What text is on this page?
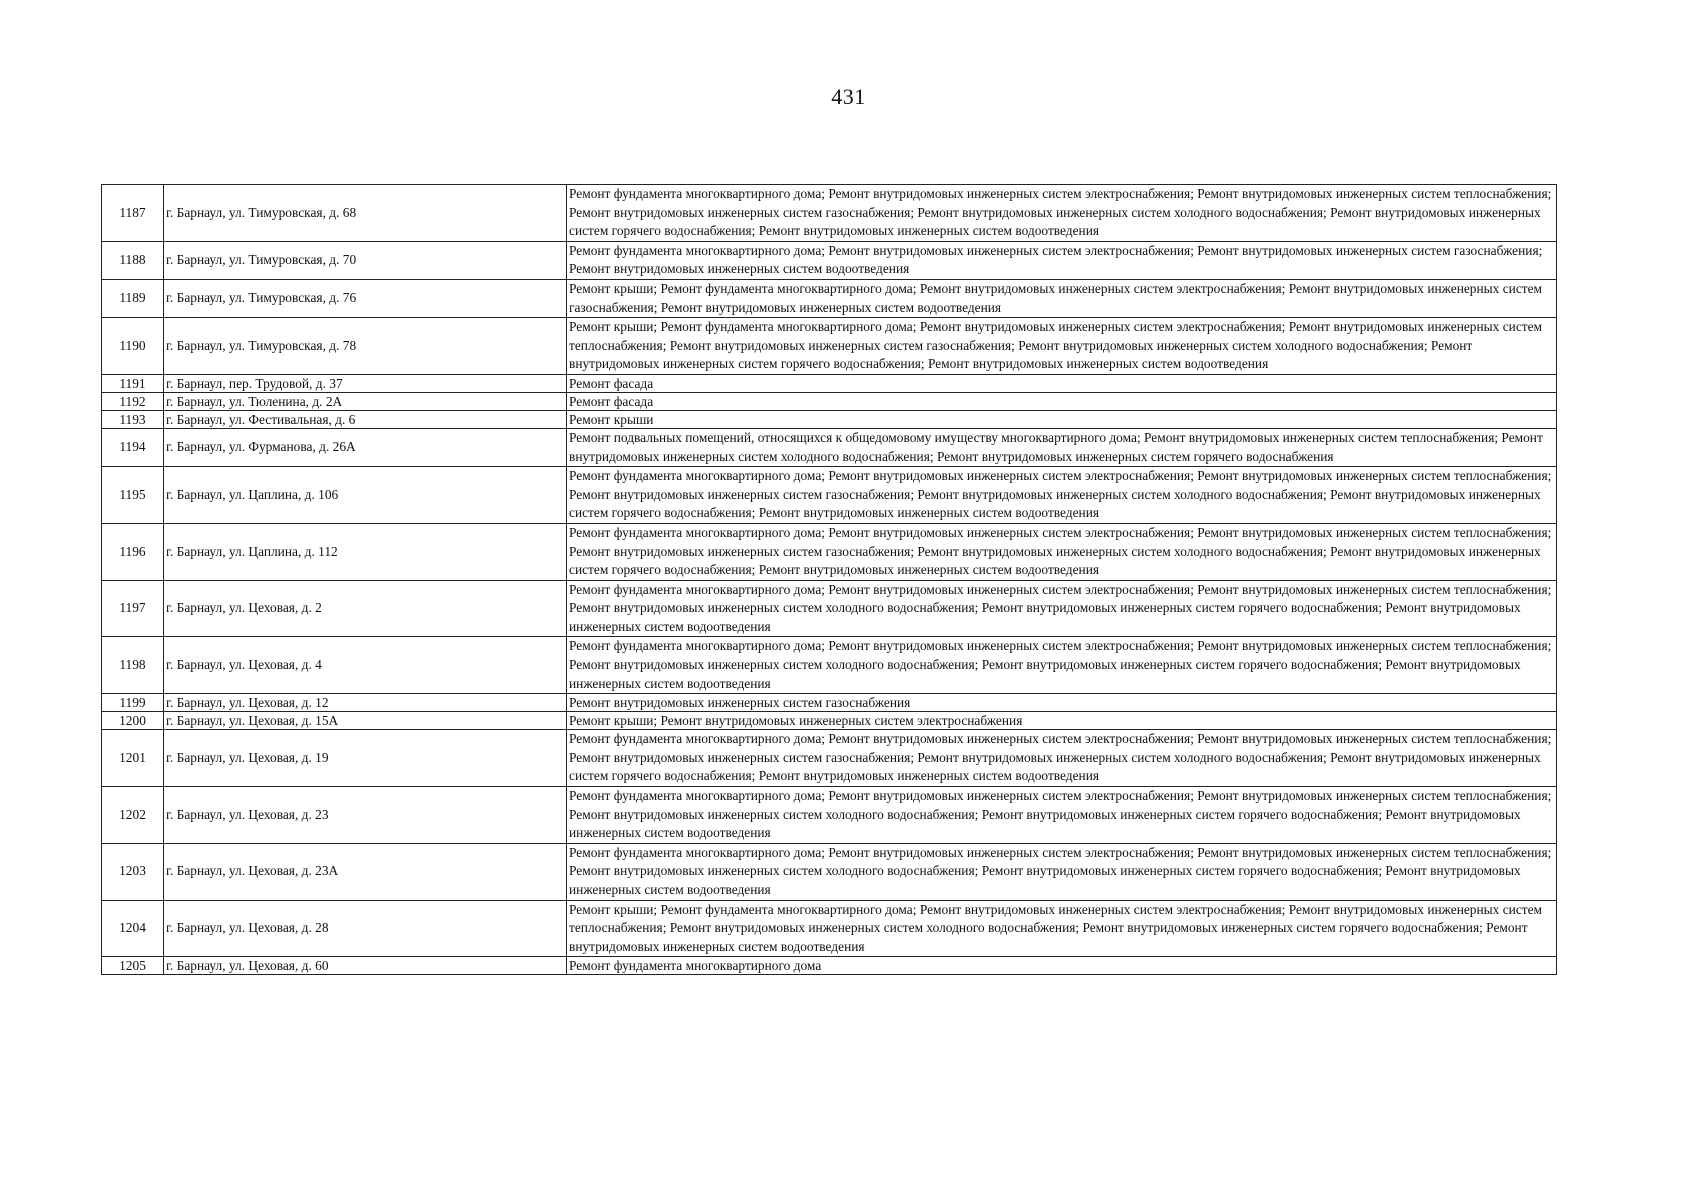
431
1187	г. Барнаул, ул. Тимуровская, д. 68	Ремонт фундамента многоквартирного дома; Ремонт внутридомовых инженерных систем электроснабжения; Ремонт внутридомовых инженерных систем теплоснабжения; Ремонт внутридомовых инженерных систем газоснабжения; Ремонт внутридомовых инженерных систем холодного водоснабжения; Ремонт внутридомовых инженерных систем горячего водоснабжения; Ремонт внутридомовых инженерных систем водоотведения
1188	г. Барнаул, ул. Тимуровская, д. 70	Ремонт фундамента многоквартирного дома; Ремонт внутридомовых инженерных систем электроснабжения; Ремонт внутридомовых инженерных систем газоснабжения; Ремонт внутридомовых инженерных систем водоотведения
1189	г. Барнаул, ул. Тимуровская, д. 76	Ремонт крыши; Ремонт фундамента многоквартирного дома; Ремонт внутридомовых инженерных систем электроснабжения; Ремонт внутридомовых инженерных систем газоснабжения; Ремонт внутридомовых инженерных систем водоотведения
1190	г. Барнаул, ул. Тимуровская, д. 78	Ремонт крыши; Ремонт фундамента многоквартирного дома; Ремонт внутридомовых инженерных систем электроснабжения; Ремонт внутридомовых инженерных систем теплоснабжения; Ремонт внутридомовых инженерных систем газоснабжения; Ремонт внутридомовых инженерных систем холодного водоснабжения; Ремонт внутридомовых инженерных систем горячего водоснабжения; Ремонт внутридомовых инженерных систем водоотведения
1191	г. Барнаул, пер. Трудовой, д. 37	Ремонт фасада
1192	г. Барнаул, ул. Тюленина, д. 2А	Ремонт фасада
1193	г. Барнаул, ул. Фестивальная, д. 6	Ремонт крыши
1194	г. Барнаул, ул. Фурманова, д. 26А	Ремонт подвальных помещений, относящихся к общедомовому имуществу многоквартирного дома; Ремонт внутридомовых инженерных систем теплоснабжения; Ремонт внутридомовых инженерных систем холодного водоснабжения; Ремонт внутридомовых инженерных систем горячего водоснабжения
1195	г. Барнаул, ул. Цаплина, д. 106	Ремонт фундамента многоквартирного дома; Ремонт внутридомовых инженерных систем электроснабжения; Ремонт внутридомовых инженерных систем теплоснабжения; Ремонт внутридомовых инженерных систем газоснабжения; Ремонт внутридомовых инженерных систем холодного водоснабжения; Ремонт внутридомовых инженерных систем горячего водоснабжения; Ремонт внутридомовых инженерных систем водоотведения
1196	г. Барнаул, ул. Цаплина, д. 112	Ремонт фундамента многоквартирного дома; Ремонт внутридомовых инженерных систем электроснабжения; Ремонт внутридомовых инженерных систем теплоснабжения; Ремонт внутридомовых инженерных систем газоснабжения; Ремонт внутридомовых инженерных систем холодного водоснабжения; Ремонт внутридомовых инженерных систем горячего водоснабжения; Ремонт внутридомовых инженерных систем водоотведения
1197	г. Барнаул, ул. Цеховая, д. 2	Ремонт фундамента многоквартирного дома; Ремонт внутридомовых инженерных систем электроснабжения; Ремонт внутридомовых инженерных систем теплоснабжения; Ремонт внутридомовых инженерных систем холодного водоснабжения; Ремонт внутридомовых инженерных систем горячего водоснабжения; Ремонт внутридомовых инженерных систем водоотведения
1198	г. Барнаул, ул. Цеховая, д. 4	Ремонт фундамента многоквартирного дома; Ремонт внутридомовых инженерных систем электроснабжения; Ремонт внутридомовых инженерных систем теплоснабжения; Ремонт внутридомовых инженерных систем холодного водоснабжения; Ремонт внутридомовых инженерных систем горячего водоснабжения; Ремонт внутридомовых инженерных систем водоотведения
1199	г. Барнаул, ул. Цеховая, д. 12	Ремонт внутридомовых инженерных систем газоснабжения
1200	г. Барнаул, ул. Цеховая, д. 15А	Ремонт крыши; Ремонт внутридомовых инженерных систем электроснабжения
1201	г. Барнаул, ул. Цеховая, д. 19	Ремонт фундамента многоквартирного дома; Ремонт внутридомовых инженерных систем электроснабжения; Ремонт внутридомовых инженерных систем теплоснабжения; Ремонт внутридомовых инженерных систем газоснабжения; Ремонт внутридомовых инженерных систем холодного водоснабжения; Ремонт внутридомовых инженерных систем горячего водоснабжения; Ремонт внутридомовых инженерных систем водоотведения
1202	г. Барнаул, ул. Цеховая, д. 23	Ремонт фундамента многоквартирного дома; Ремонт внутридомовых инженерных систем электроснабжения; Ремонт внутридомовых инженерных систем теплоснабжения; Ремонт внутридомовых инженерных систем холодного водоснабжения; Ремонт внутридомовых инженерных систем горячего водоснабжения; Ремонт внутридомовых инженерных систем водоотведения
1203	г. Барнаул, ул. Цеховая, д. 23А	Ремонт фундамента многоквартирного дома; Ремонт внутридомовых инженерных систем электроснабжения; Ремонт внутридомовых инженерных систем теплоснабжения; Ремонт внутридомовых инженерных систем холодного водоснабжения; Ремонт внутридомовых инженерных систем горячего водоснабжения; Ремонт внутридомовых инженерных систем водоотведения
1204	г. Барнаул, ул. Цеховая, д. 28	Ремонт крыши; Ремонт фундамента многоквартирного дома; Ремонт внутридомовых инженерных систем электроснабжения; Ремонт внутридомовых инженерных систем теплоснабжения; Ремонт внутридомовых инженерных систем холодного водоснабжения; Ремонт внутридомовых инженерных систем горячего водоснабжения; Ремонт внутридомовых инженерных систем водоотведения
1205	г. Барнаул, ул. Цеховая, д. 60	Ремонт фундамента многоквартирного дома
